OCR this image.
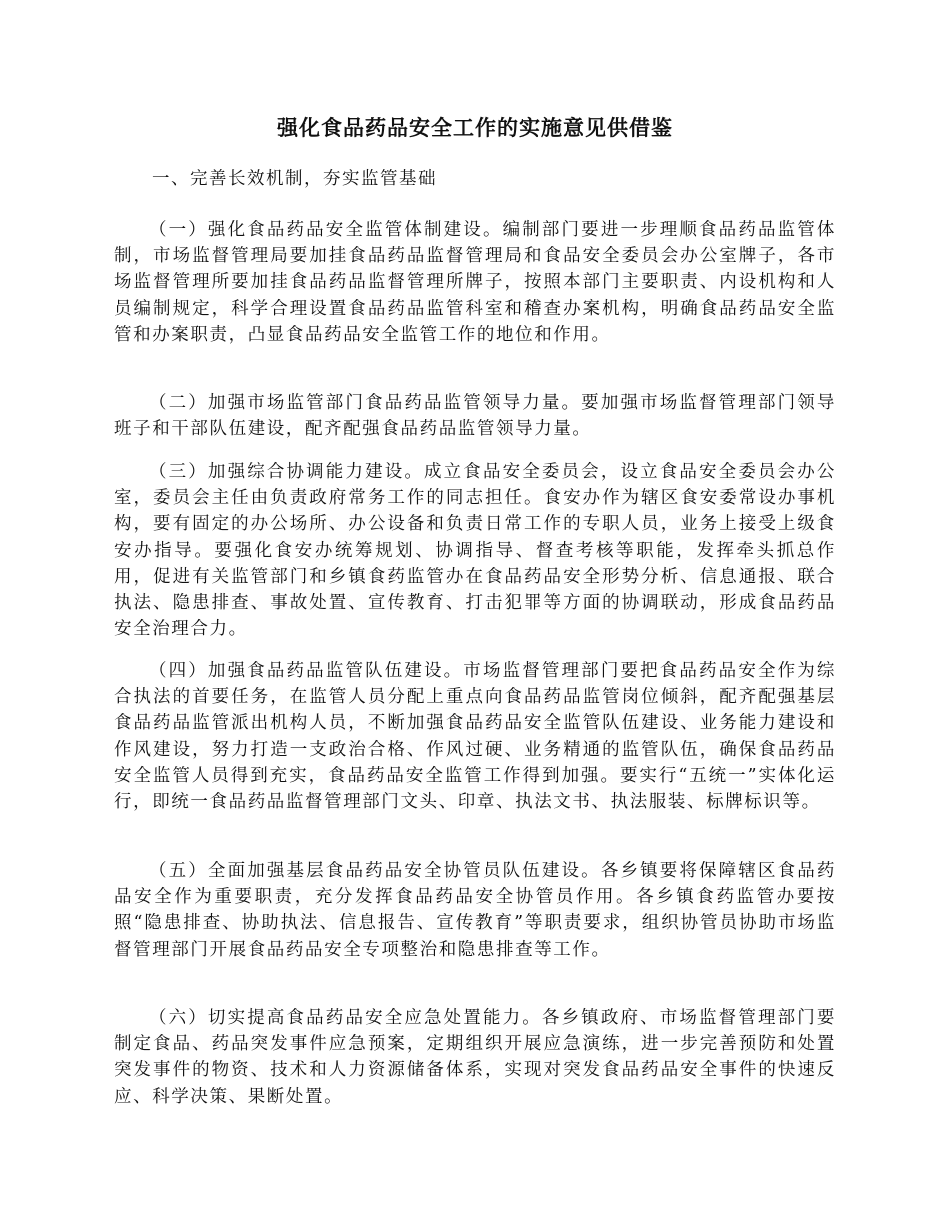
强化食品药品安全工作的实施意见供借鉴
一、完善长效机制，夯实监管基础

（一）强化食品药品安全监管体制建设。编制部门要进一步理顺食品药品监管体制，市场监督管理局要加挂食品药品监督管理局和食品安全委员会办公室牌子，各市场监督管理所要加挂食品药品监督管理所牌子，按照本部门主要职责、内设机构和人员编制规定，科学合理设置食品药品监管科室和稽查办案机构，明确食品药品安全监管和办案职责，凸显食品药品安全监管工作的地位和作用。

（二）加强市场监管部门食品药品监管领导力量。要加强市场监督管理部门领导班子和干部队伍建设，配齐配强食品药品监管领导力量。

（三）加强综合协调能力建设。成立食品安全委员会，设立食品安全委员会办公室，委员会主任由负责政府常务工作的同志担任。食安办作为辖区食安委常设办事机构，要有固定的办公场所、办公设备和负责日常工作的专职人员，业务上接受上级食安办指导。要强化食安办统筹规划、协调指导、督查考核等职能，发挥牵头抓总作用，促进有关监管部门和乡镇食药监管办在食品药品安全形势分析、信息通报、联合执法、隐患排查、事故处置、宣传教育、打击犯罪等方面的协调联动，形成食品药品安全治理合力。

（四）加强食品药品监管队伍建设。市场监督管理部门要把食品药品安全作为综合执法的首要任务，在监管人员分配上重点向食品药品监管岗位倾斜，配齐配强基层食品药品监管派出机构人员，不断加强食品药品安全监管队伍建设、业务能力建设和作风建设，努力打造一支政治合格、作风过硬、业务精通的监管队伍，确保食品药品安全监管人员得到充实，食品药品安全监管工作得到加强。要实行“五统一”实体化运行，即统一食品药品监督管理部门文头、印章、执法文书、执法服装、标牌标识等。

（五）全面加强基层食品药品安全协管员队伍建设。各乡镇要将保障辖区食品药品安全作为重要职责，充分发挥食品药品安全协管员作用。各乡镇食药监管办要按照“隐患排查、协助执法、信息报告、宣传教育”等职责要求，组织协管员协助市场监督管理部门开展食品药品安全专项整治和隐患排查等工作。

（六）切实提高食品药品安全应急处置能力。各乡镇政府、市场监督管理部门要制定食品、药品突发事件应急预案，定期组织开展应急演练，进一步完善预防和处置突发事件的物资、技术和人力资源储备体系，实现对突发食品药品安全事件的快速反应、科学决策、果断处置。
